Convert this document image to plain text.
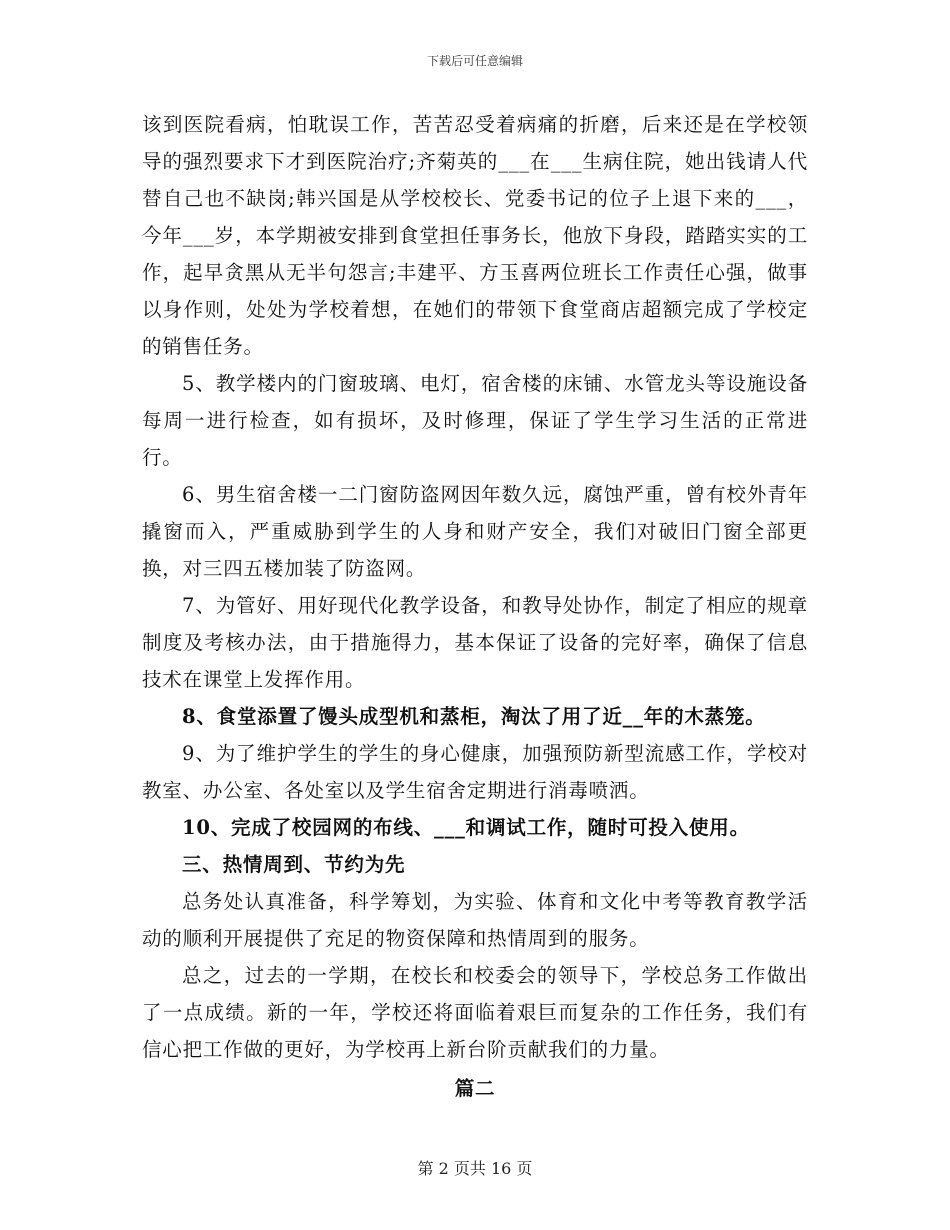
下载后可任意编辑

该到医院看病，怕耽误工作，苦苦忍受着病痛的折磨，后来还是在学校领导的强烈要求下才到医院治疗;齐菊英的___在___生病住院，她出钱请人代替自己也不缺岗;韩兴国是从学校校长、党委书记的位子上退下来的___，今年___岁，本学期被安排到食堂担任事务长，他放下身段，踏踏实实的工作，起早贪黑从无半句怨言;丰建平、方玉喜两位班长工作责任心强，做事以身作则，处处为学校着想，在她们的带领下食堂商店超额完成了学校定的销售任务。

5、教学楼内的门窗玻璃、电灯，宿舍楼的床铺、水管龙头等设施设备每周一进行检查，如有损坏，及时修理，保证了学生学习生活的正常进行。

6、男生宿舍楼一二门窗防盗网因年数久远，腐蚀严重，曾有校外青年撬窗而入，严重威胁到学生的人身和财产安全，我们对破旧门窗全部更换，对三四五楼加装了防盗网。

7、为管好、用好现代化教学设备，和教导处协作，制定了相应的规章制度及考核办法，由于措施得力，基本保证了设备的完好率，确保了信息技术在课堂上发挥作用。

8、食堂添置了馒头成型机和蒸柜，淘汰了用了近__年的木蒸笼。

9、为了维护学生的学生的身心健康，加强预防新型流感工作，学校对教室、办公室、各处室以及学生宿舍定期进行消毒喷洒。

10、完成了校园网的布线、___和调试工作，随时可投入使用。

三、热情周到、节约为先

总务处认真准备，科学筹划，为实验、体育和文化中考等教育教学活动的顺利开展提供了充足的物资保障和热情周到的服务。

总之，过去的一学期，在校长和校委会的领导下，学校总务工作做出了一点成绩。新的一年，学校还将面临着艰巨而复杂的工作任务，我们有信心把工作做的更好，为学校再上新台阶贡献我们的力量。

篇二

第 2 页共 16 页
